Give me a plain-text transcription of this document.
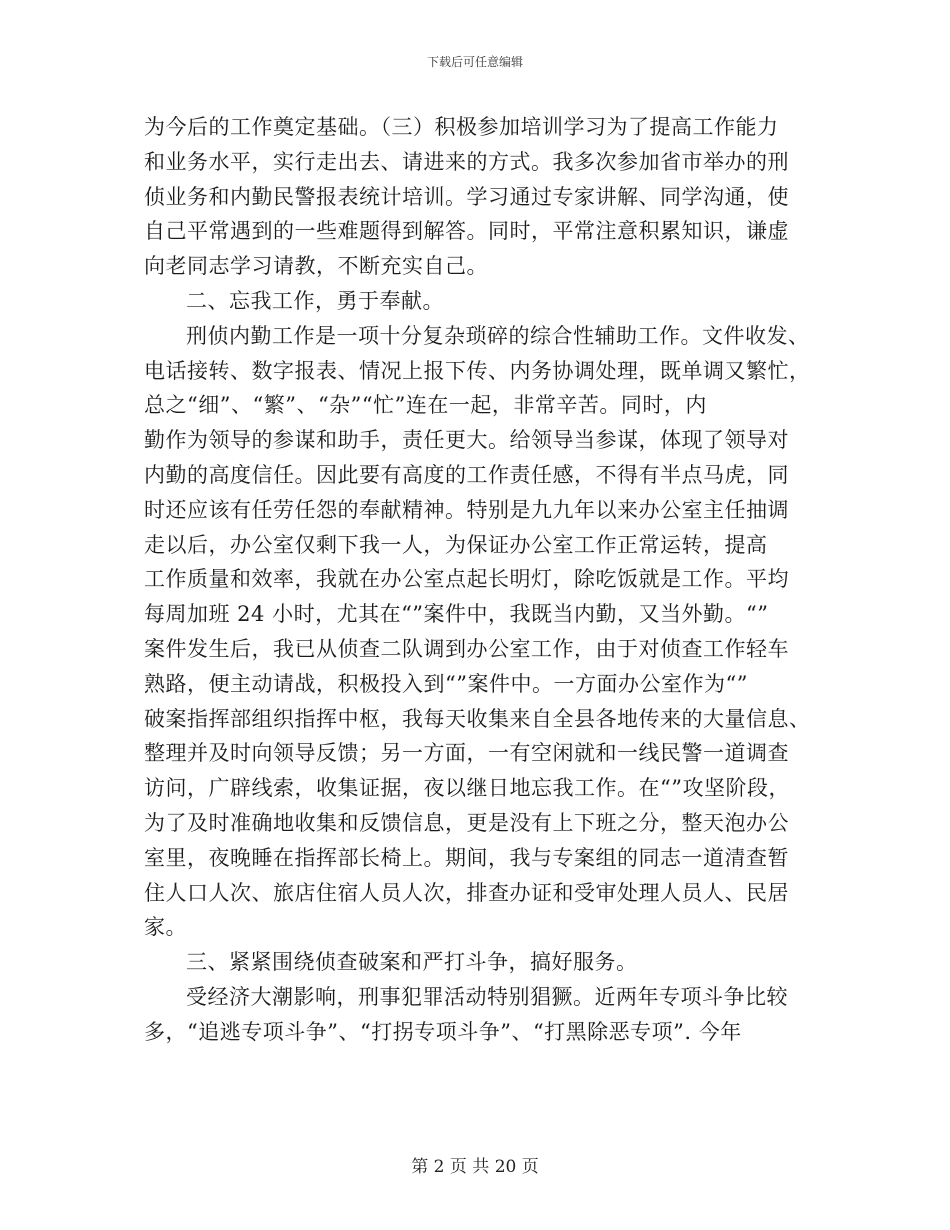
下载后可任意编辑
为今后的工作奠定基础。（三）积极参加培训学习为了提高工作能力
和业务水平，实行走出去、请进来的方式。我多次参加省市举办的刑
侦业务和内勤民警报表统计培训。学习通过专家讲解、同学沟通，使
自己平常遇到的一些难题得到解答。同时，平常注意积累知识，谦虚
向老同志学习请教，不断充实自己。
二、忘我工作，勇于奉献。
刑侦内勤工作是一项十分复杂琐碎的综合性辅助工作。文件收发、
电话接转、数字报表、情况上报下传、内务协调处理，既单调又繁忙，
总之“细”、“繁”、“杂”“忙”连在一起，非常辛苦。同时，内
勤作为领导的参谋和助手，责任更大。给领导当参谋，体现了领导对
内勤的高度信任。因此要有高度的工作责任感，不得有半点马虎，同
时还应该有任劳任怨的奉献精神。特别是九九年以来办公室主任抽调
走以后，办公室仅剩下我一人，为保证办公室工作正常运转，提高
工作质量和效率，我就在办公室点起长明灯，除吃饭就是工作。平均
每周加班 24 小时，尤其在“”案件中，我既当内勤，又当外勤。“”
案件发生后，我已从侦查二队调到办公室工作，由于对侦查工作轻车
熟路，便主动请战，积极投入到“”案件中。一方面办公室作为“”
破案指挥部组织指挥中枢，我每天收集来自全县各地传来的大量信息、
整理并及时向领导反馈；另一方面，一有空闲就和一线民警一道调查
访问，广辟线索，收集证据，夜以继日地忘我工作。在“”攻坚阶段，
为了及时准确地收集和反馈信息，更是没有上下班之分，整天泡办公
室里，夜晚睡在指挥部长椅上。期间，我与专案组的同志一道清查暂
住人口人次、旅店住宿人员人次，排查办证和受审处理人员人、民居
家。
三、紧紧围绕侦查破案和严打斗争，搞好服务。
受经济大潮影响，刑事犯罪活动特别猖獗。近两年专项斗争比较
多，“追逃专项斗争”、“打拐专项斗争”、“打黑除恶专项”. 今年
第 2 页 共 20 页
